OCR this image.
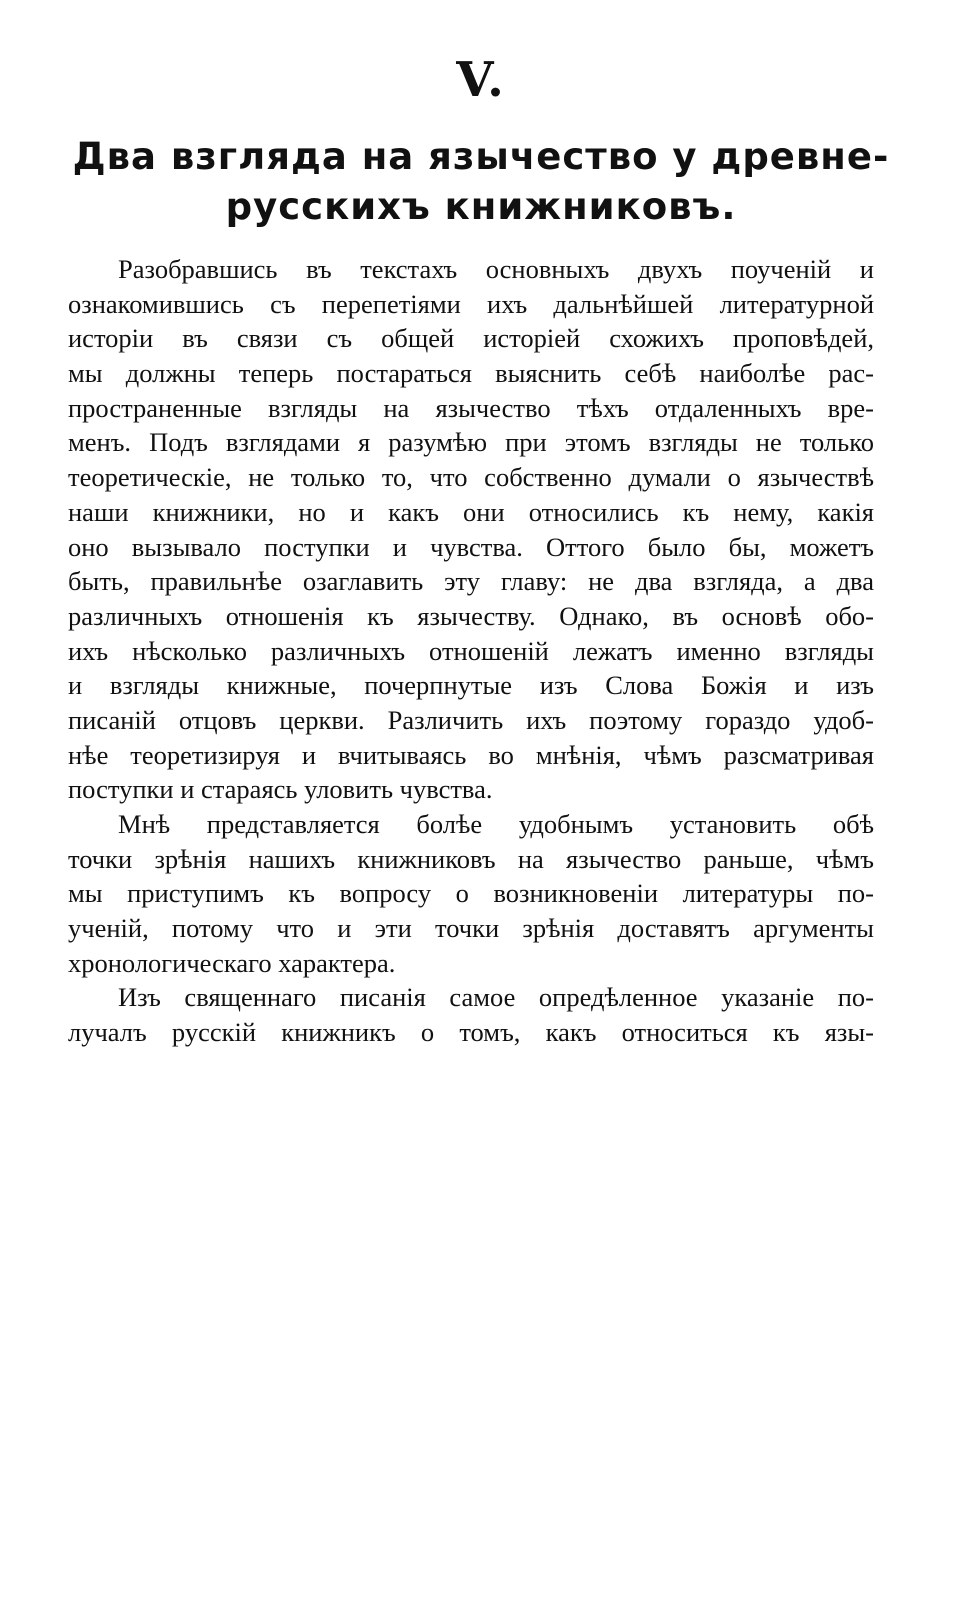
V.
Два взгляда на язычество у древне-
русскихъ книжниковъ.
Разобравшись въ текстахъ основныхъ двухъ поученій и
ознакомившись съ перепетіями ихъ дальнѣйшей литературной
исторіи въ связи съ общей исторіей схожихъ проповѣдей,
мы должны теперь постараться выяснить себѣ наиболѣе рас-
пространенные взгляды на язычество тѣхъ отдаленныхъ вре-
менъ. Подъ взглядами я разумѣю при этомъ взгляды не только
теоретическіе, не только то, что собственно думали о язычествѣ
наши книжники, но и какъ они относились къ нему, какія
оно вызывало поступки и чувства. Оттого было бы, можетъ
быть, правильнѣе озаглавить эту главу: не два взгляда, а два
различныхъ отношенія къ язычеству. Однако, въ основѣ обо-
ихъ нѣсколько различныхъ отношеній лежатъ именно взгляды
и взгляды книжные, почерпнутые изъ Слова Божія и изъ
писаній отцовъ церкви. Различить ихъ поэтому гораздо удоб-
нѣе теоретизируя и вчитываясь во мнѣнія, чѣмъ разсматривая
поступки и стараясь уловить чувства.
Мнѣ представляется болѣе удобнымъ установить обѣ
точки зрѣнія нашихъ книжниковъ на язычество раньше, чѣмъ
мы приступимъ къ вопросу о возникновеніи литературы по-
ученій, потому что и эти точки зрѣнія доставятъ аргументы
хронологическаго характера.
Изъ священнаго писанія самое опредѣленное указаніе по-
лучалъ русскій книжникъ о томъ, какъ относиться къ язы-
